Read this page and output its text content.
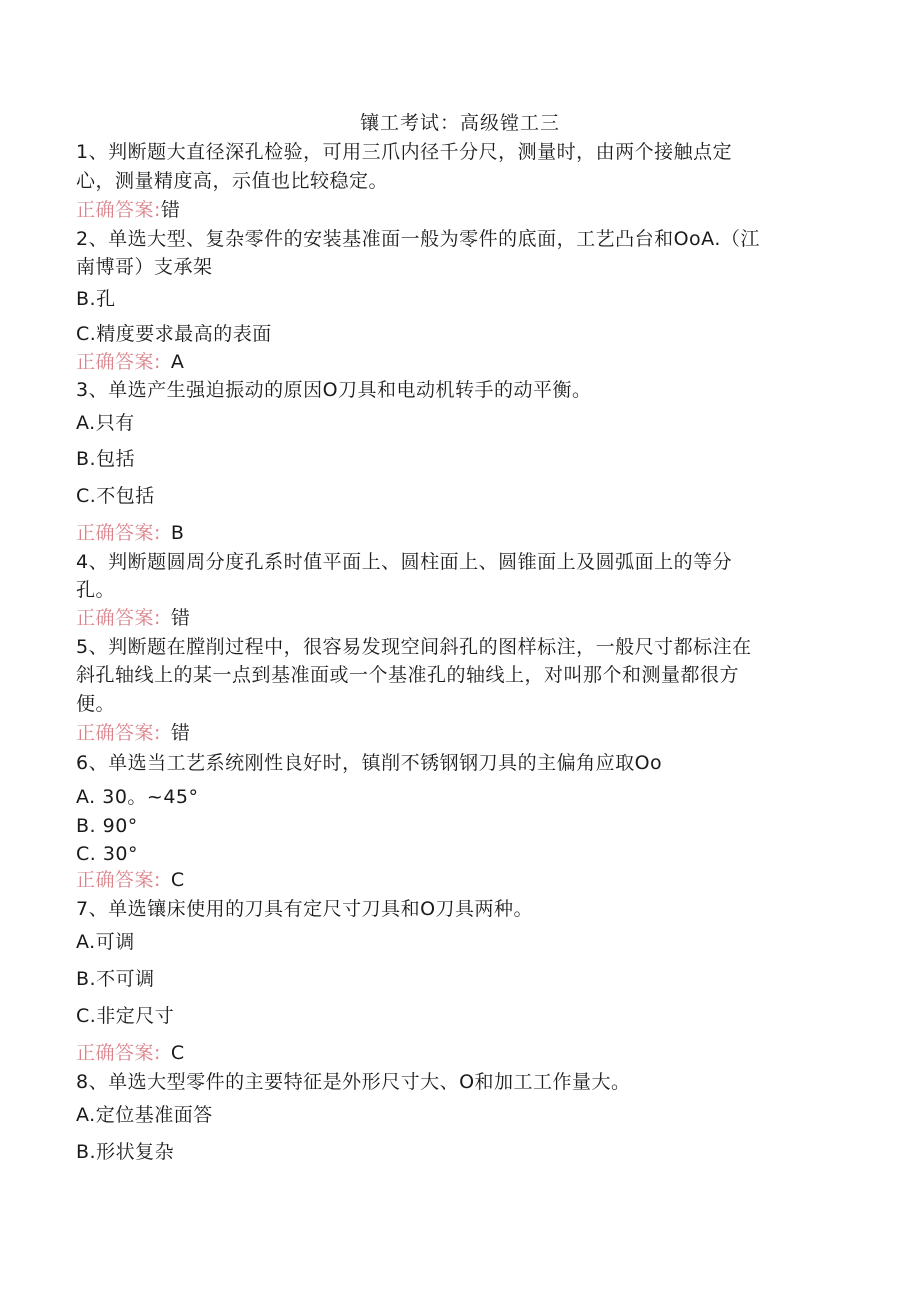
镶工考试：高级镗工三
1、判断题大直径深孔检验，可用三爪内径千分尺，测量时，由两个接触点定
心，测量精度高，示值也比较稳定。
正确答案:错
2、单选大型、复杂零件的安装基准面一般为零件的底面，工艺凸台和OoA.（江
南博哥）支承架
B.孔
C.精度要求最高的表面
正确答案: A
3、单选产生强迫振动的原因O刀具和电动机转手的动平衡。
A.只有
B.包括
C.不包括
正确答案: B
4、判断题圆周分度孔系时值平面上、圆柱面上、圆锥面上及圆弧面上的等分
孔。
正确答案: 错
5、判断题在膛削过程中，很容易发现空间斜孔的图样标注，一般尺寸都标注在
斜孔轴线上的某一点到基准面或一个基准孔的轴线上，对叫那个和测量都很方
便。
正确答案: 错
6、单选当工艺系统刚性良好时，镇削不锈钢钢刀具的主偏角应取Oo
A. 30。~45°
B. 90°
C. 30°
正确答案: C
7、单选镶床使用的刀具有定尺寸刀具和O刀具两种。
A.可调
B.不可调
C.非定尺寸
正确答案: C
8、单选大型零件的主要特征是外形尺寸大、O和加工工作量大。
A.定位基准面答
B.形状复杂
